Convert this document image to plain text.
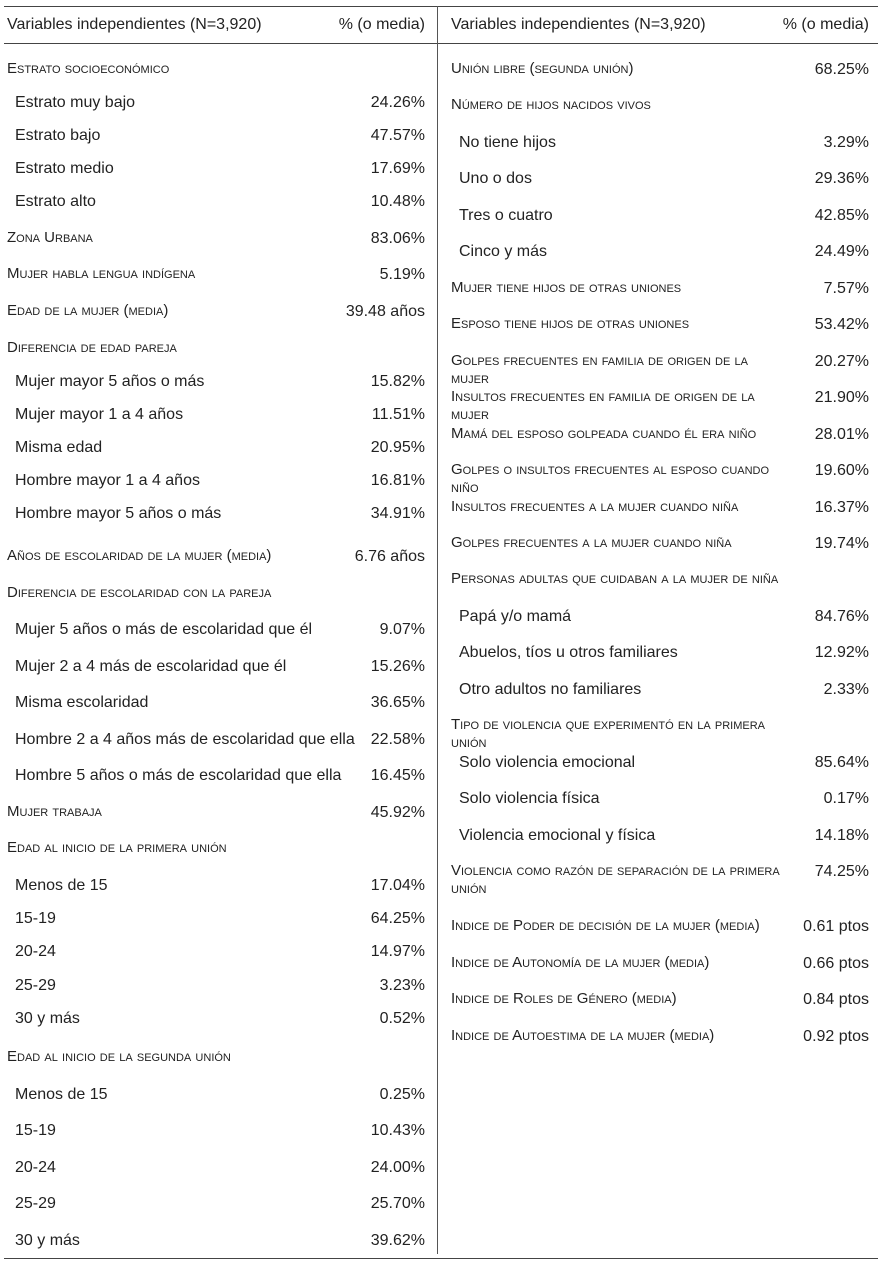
Variables independientes (N=3,920)	% (o media)
Estrato socioeconómico
Estrato muy bajo	24.26%
Estrato bajo	47.57%
Estrato medio	17.69%
Estrato alto	10.48%
Zona Urbana	83.06%
Mujer habla lengua indígena	5.19%
Edad de la mujer (media)	39.48 años
Diferencia de edad pareja
Mujer mayor 5 años o más	15.82%
Mujer mayor 1 a 4 años	11.51%
Misma edad	20.95%
Hombre mayor 1 a 4 años	16.81%
Hombre mayor 5 años o más	34.91%
Años de escolaridad de la mujer (media)	6.76 años
Diferencia de escolaridad con la pareja
Mujer 5 años o más de escolaridad que él	9.07%
Mujer 2 a 4 más de escolaridad que él	15.26%
Misma escolaridad	36.65%
Hombre 2 a 4 años más de escolaridad que ella 22.58%
Hombre 5 años o más de escolaridad que ella 16.45%
Mujer trabaja	45.92%
Edad al inicio de la primera unión
Menos de 15	17.04%
15-19	64.25%
20-24	14.97%
25-29	3.23%
30 y más	0.52%
Edad al inicio de la segunda unión
Menos de 15	0.25%
15-19	10.43%
20-24	24.00%
25-29	25.70%
30 y más	39.62%
Variables independientes (N=3,920)	% (o media)
Unión libre (segunda unión)	68.25%
Número de hijos nacidos vivos
No tiene hijos	3.29%
Uno o dos	29.36%
Tres o cuatro	42.85%
Cinco y más	24.49%
Mujer tiene hijos de otras uniones	7.57%
Esposo tiene hijos de otras uniones	53.42%
Golpes frecuentes en familia de origen de la mujer
20.27%
Insultos frecuentes en familia de origen de la mujer
21.90%
Mamá del esposo golpeada cuando él era niño	28.01%
Golpes o insultos frecuentes al esposo cuando niño
19.60%
Insultos frecuentes a la mujer cuando niña	16.37%
Golpes frecuentes a la mujer cuando niña	19.74%
Personas adultas que cuidaban a la mujer de niña
Papá y/o mamá	84.76%
Abuelos, tíos u otros familiares	12.92%
Otro adultos no familiares	2.33%
Tipo de violencia que experimentó en la primera unión
Solo violencia emocional	85.64%
Solo violencia física	0.17%
Violencia emocional y física	14.18%
Violencia como razón de separación de la primera unión
74.25%
Indice de Poder de decisión de la mujer (media)	0.61 ptos
Indice de Autonomía de la mujer (media)	0.66 ptos
Indice de Roles de Género (media)	0.84 ptos
Indice de Autoestima de la mujer (media)	0.92 ptos
